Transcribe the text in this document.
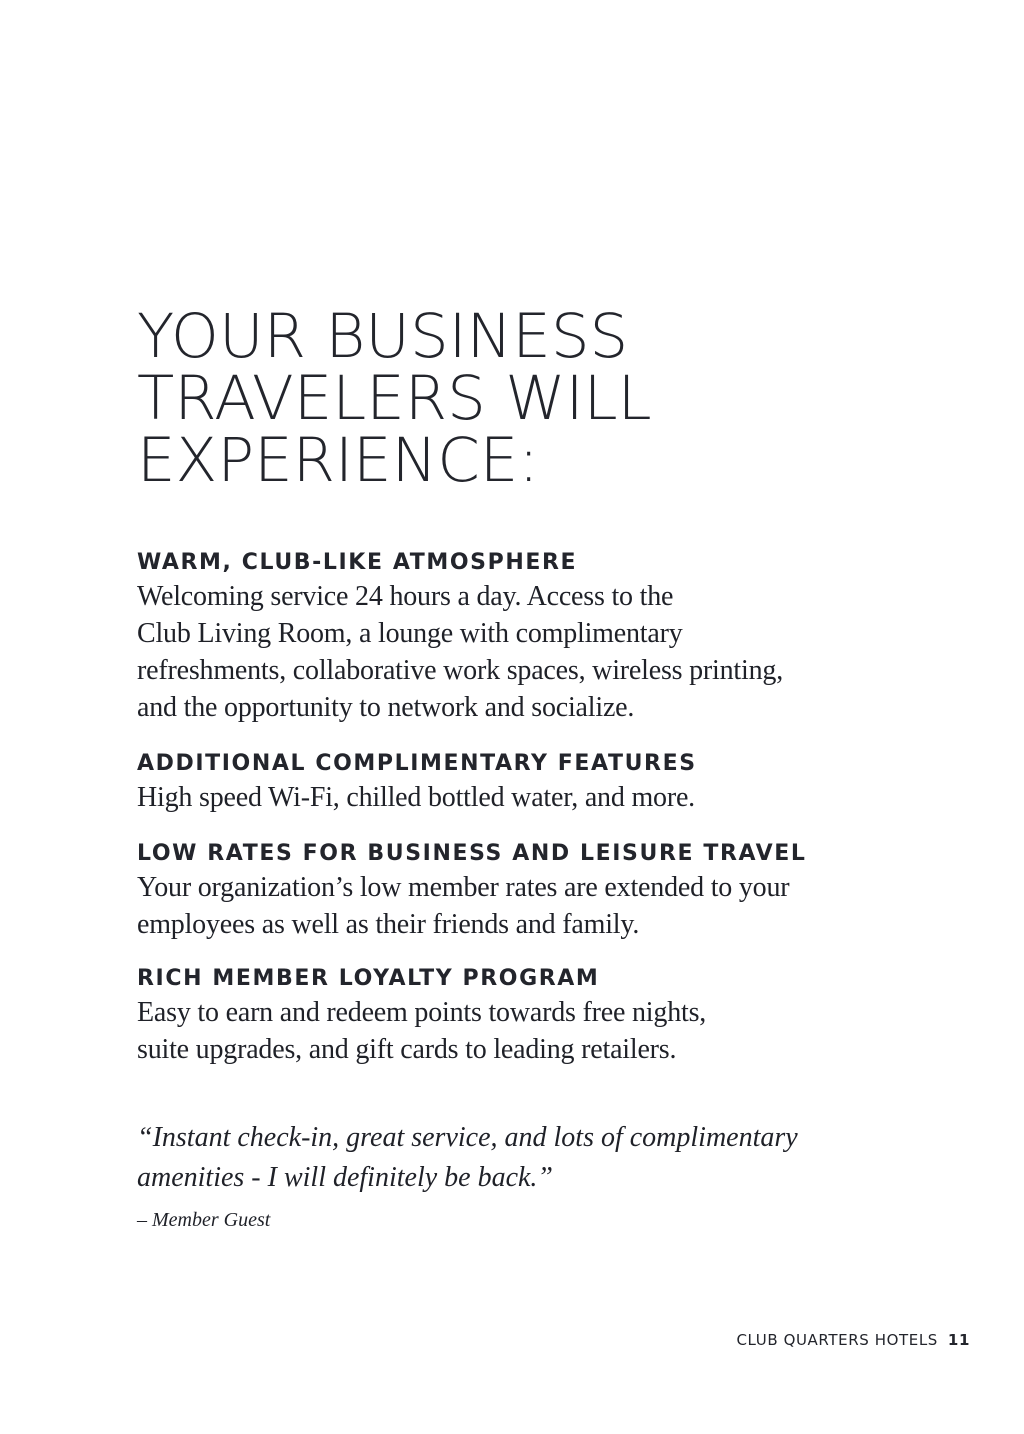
YOUR BUSINESS
TRAVELERS WILL
EXPERIENCE:
WARM, CLUB-LIKE ATMOSPHERE

Welcoming service 24 hours a day. Access to the
Club Living Room, a lounge with complimentary
refreshments, collaborative work spaces, wireless printing,
and the opportunity to network and socialize.

ADDITIONAL COMPLIMENTARY FEATURES

High speed Wi-Fi, chilled bottled water, and more.

LOW RATES FOR BUSINESS AND LEISURE TRAVEL

Your organization’s low member rates are extended to your
employees as well as their friends and family.

RICH MEMBER LOYALTY PROGRAM

Easy to earn and redeem points towards free nights,
suite upgrades, and gift cards to leading retailers.

“Instant check-in, great service, and lots of complimentary
amenities - I will definitely be back.”

– Member Guest

CLUB QUARTERS HOTELS 11
